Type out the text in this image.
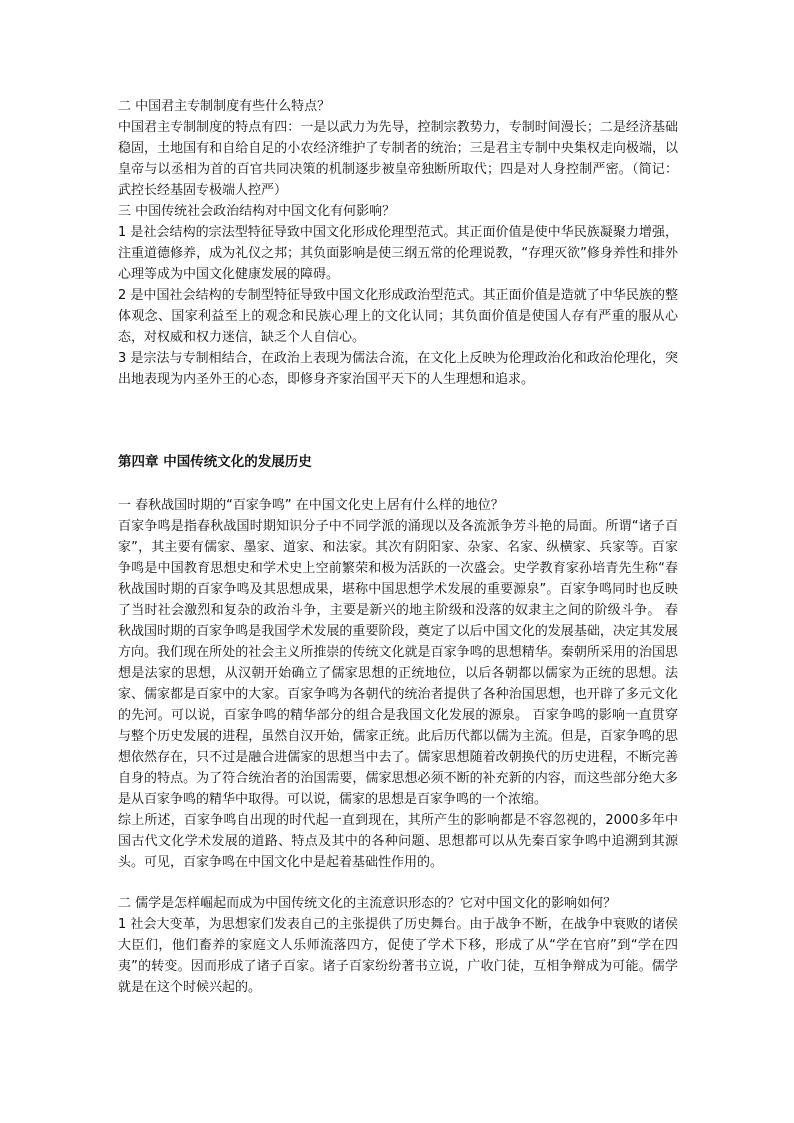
二 中国君主专制制度有些什么特点？

中国君主专制制度的特点有四：一是以武力为先导，控制宗教势力，专制时间漫长；二是经济基础稳固，土地国有和自给自足的小农经济维护了专制者的统治；三是君主专制中央集权走向极端，以皇帝与以丞相为首的百官共同决策的机制逐步被皇帝独断所取代；四是对人身控制严密。（简记：武控长经基固专极端人控严）

三 中国传统社会政治结构对中国文化有何影响？

1 是社会结构的宗法型特征导致中国文化形成伦理型范式。其正面价值是使中华民族凝聚力增强，注重道德修养，成为礼仪之邦；其负面影响是使三纲五常的伦理说教，“存理灭欲”修身养性和排外心理等成为中国文化健康发展的障碍。

2 是中国社会结构的专制型特征导致中国文化形成政治型范式。其正面价值是造就了中华民族的整体观念、国家利益至上的观念和民族心理上的文化认同；其负面价值是使国人存有严重的服从心态，对权威和权力迷信，缺乏个人自信心。

3 是宗法与专制相结合，在政治上表现为儒法合流，在文化上反映为伦理政治化和政治伦理化，突出地表现为内圣外王的心态，即修身齐家治国平天下的人生理想和追求。

第四章 中国传统文化的发展历史

一 春秋战国时期的“百家争鸣” 在中国文化史上居有什么样的地位？

百家争鸣是指春秋战国时期知识分子中不同学派的涌现以及各流派争芳斗艳的局面。所谓“诸子百家”，其主要有儒家、墨家、道家、和法家。其次有阴阳家、杂家、名家、纵横家、兵家等。百家争鸣是中国教育思想史和学术史上空前繁荣和极为活跃的一次盛会。史学教育家孙培青先生称“春秋战国时期的百家争鸣及其思想成果，堪称中国思想学术发展的重要源泉”。百家争鸣同时也反映了当时社会激烈和复杂的政治斗争，主要是新兴的地主阶级和没落的奴隶主之间的阶级斗争。 春秋战国时期的百家争鸣是我国学术发展的重要阶段，奠定了以后中国文化的发展基础，决定其发展方向。我们现在所处的社会主义所推崇的传统文化就是百家争鸣的思想精华。秦朝所采用的治国思想是法家的思想，从汉朝开始确立了儒家思想的正统地位，以后各朝都以儒家为正统的思想。法家、儒家都是百家中的大家。百家争鸣为各朝代的统治者提供了各种治国思想，也开辟了多元文化的先河。可以说，百家争鸣的精华部分的组合是我国文化发展的源泉。 百家争鸣的影响一直贯穿与整个历史发展的进程，虽然自汉开始，儒家正统。此后历代都以儒为主流。但是，百家争鸣的思想依然存在，只不过是融合进儒家的思想当中去了。儒家思想随着改朝换代的历史进程，不断完善自身的特点。为了符合统治者的治国需要，儒家思想必须不断的补充新的内容，而这些部分绝大多是从百家争鸣的精华中取得。可以说，儒家的思想是百家争鸣的一个浓缩。

综上所述，百家争鸣自出现的时代起一直到现在，其所产生的影响都是不容忽视的，2000多年中国古代文化学术发展的道路、特点及其中的各种问题、思想都可以从先秦百家争鸣中追溯到其源头。可见，百家争鸣在中国文化中是起着基础性作用的。

二 儒学是怎样崛起而成为中国传统文化的主流意识形态的？它对中国文化的影响如何？

1 社会大变革，为思想家们发表自己的主张提供了历史舞台。由于战争不断，在战争中衰败的诸侯大臣们，他们畜养的家庭文人乐师流落四方，促使了学术下移，形成了从“学在官府”到“学在四夷”的转变。因而形成了诸子百家。诸子百家纷纷著书立说，广收门徒，互相争辩成为可能。儒学就是在这个时候兴起的。
